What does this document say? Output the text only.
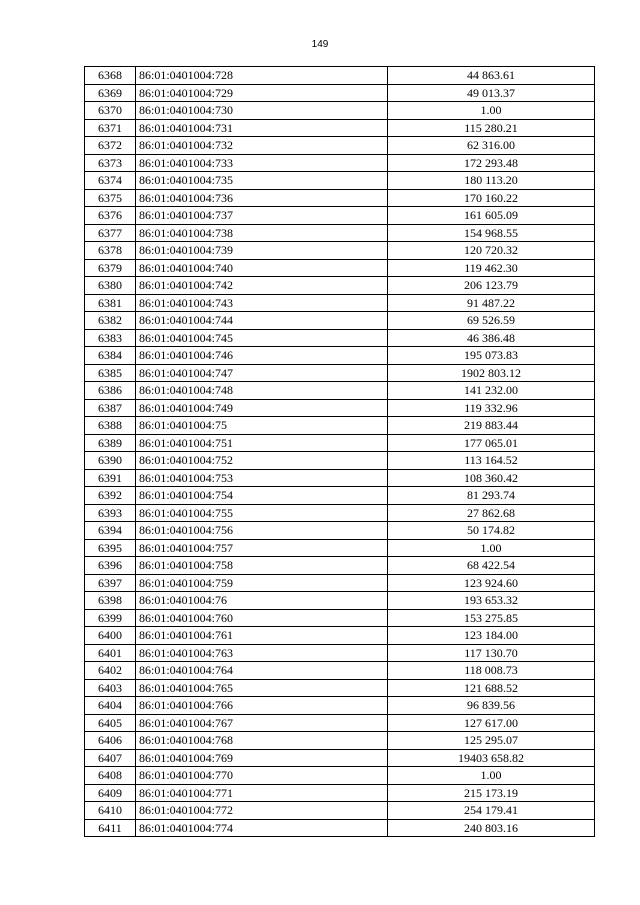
149
6368	86:01:0401004:728	44 863.61
6369	86:01:0401004:729	49 013.37
6370	86:01:0401004:730	1.00
6371	86:01:0401004:731	115 280.21
6372	86:01:0401004:732	62 316.00
6373	86:01:0401004:733	172 293.48
6374	86:01:0401004:735	180 113.20
6375	86:01:0401004:736	170 160.22
6376	86:01:0401004:737	161 605.09
6377	86:01:0401004:738	154 968.55
6378	86:01:0401004:739	120 720.32
6379	86:01:0401004:740	119 462.30
6380	86:01:0401004:742	206 123.79
6381	86:01:0401004:743	91 487.22
6382	86:01:0401004:744	69 526.59
6383	86:01:0401004:745	46 386.48
6384	86:01:0401004:746	195 073.83
6385	86:01:0401004:747	1902 803.12
6386	86:01:0401004:748	141 232.00
6387	86:01:0401004:749	119 332.96
6388	86:01:0401004:75	219 883.44
6389	86:01:0401004:751	177 065.01
6390	86:01:0401004:752	113 164.52
6391	86:01:0401004:753	108 360.42
6392	86:01:0401004:754	81 293.74
6393	86:01:0401004:755	27 862.68
6394	86:01:0401004:756	50 174.82
6395	86:01:0401004:757	1.00
6396	86:01:0401004:758	68 422.54
6397	86:01:0401004:759	123 924.60
6398	86:01:0401004:76	193 653.32
6399	86:01:0401004:760	153 275.85
6400	86:01:0401004:761	123 184.00
6401	86:01:0401004:763	117 130.70
6402	86:01:0401004:764	118 008.73
6403	86:01:0401004:765	121 688.52
6404	86:01:0401004:766	96 839.56
6405	86:01:0401004:767	127 617.00
6406	86:01:0401004:768	125 295.07
6407	86:01:0401004:769	19403 658.82
6408	86:01:0401004:770	1.00
6409	86:01:0401004:771	215 173.19
6410	86:01:0401004:772	254 179.41
6411	86:01:0401004:774	240 803.16
